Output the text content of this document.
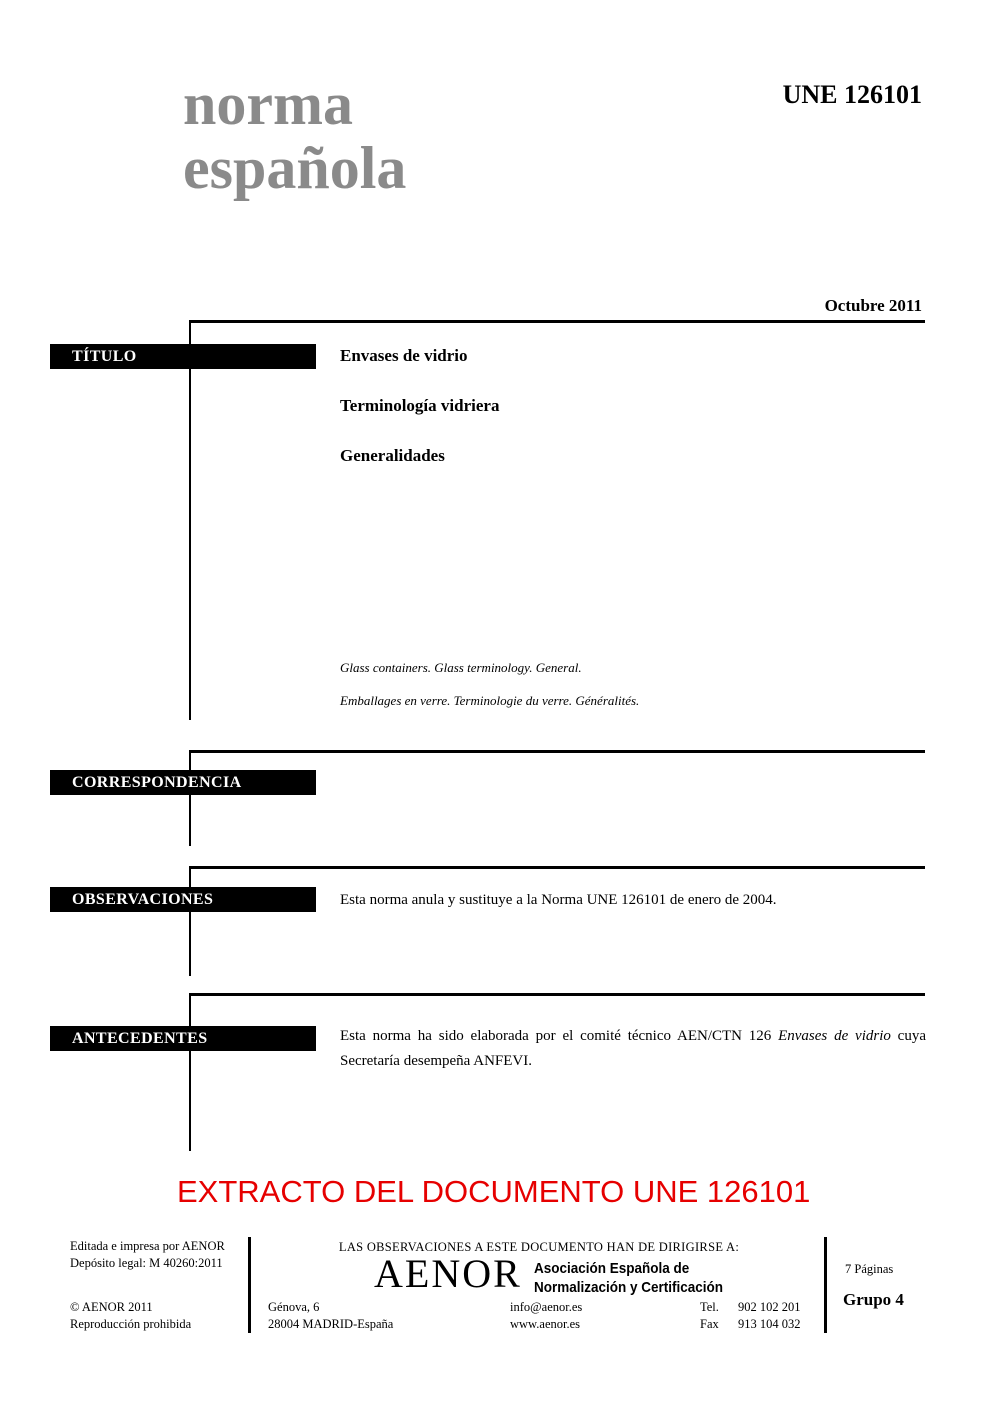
norma
española
UNE 126101
Octubre 2011
TÍTULO	Envases de vidrio
Terminología vidriera
Generalidades
Glass containers. Glass terminology. General.
Emballages en verre. Terminologie du verre. Généralités.
CORRESPONDENCIA
OBSERVACIONES	Esta norma anula y sustituye a la Norma UNE 126101 de enero de 2004.
ANTECEDENTES	Esta norma ha sido elaborada por el comité técnico AEN/CTN 126 Envases de vidrio cuya Secretaría desempeña ANFEVI.
EXTRACTO DEL DOCUMENTO UNE 126101
Editada e impresa por AENOR
Depósito legal: M 40260:2011
© AENOR 2011
Reproducción prohibida
LAS OBSERVACIONES A ESTE DOCUMENTO HAN DE DIRIGIRSE A:
AENOR Asociación Española de
Normalización y Certificación
Génova, 6
28004 MADRID-España
info@aenor.es
www.aenor.es
Tel.	902 102 201
Fax	913 104 032
7 Páginas
Grupo 4
